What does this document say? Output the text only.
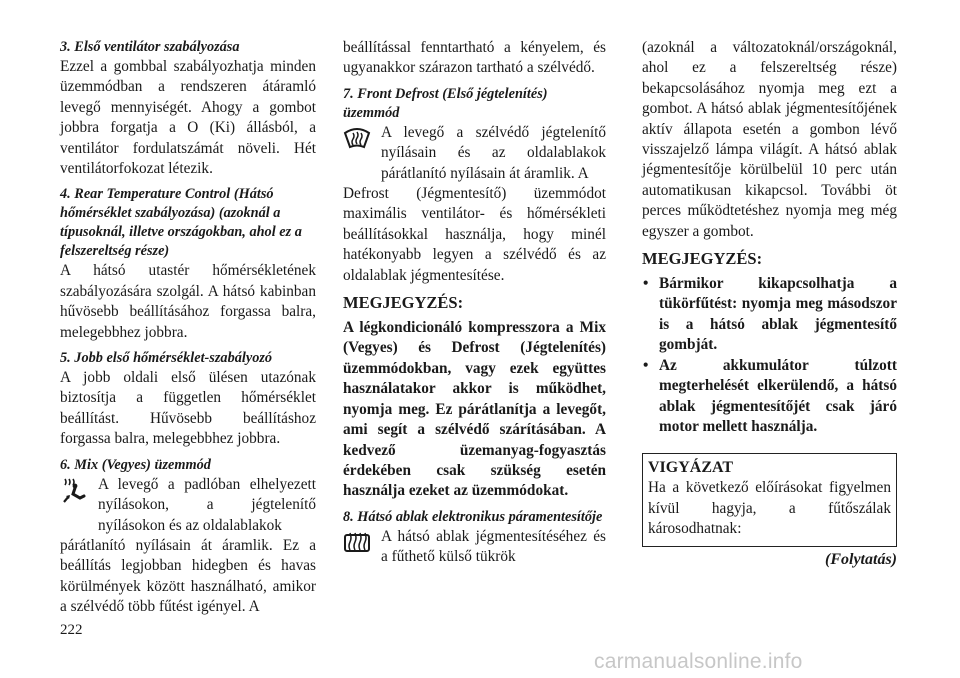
3. Első ventilátor szabályozása

Ezzel a gombbal szabályozhatja minden üzemmódban a rendszeren átáramló levegő mennyiségét. Ahogy a gombot jobbra forgatja a O (Ki) állásból, a ventilátor fordulatszámát növeli. Hét ventilátorfokozat létezik.

4. Rear Temperature Control (Hátsó hőmérséklet szabályozása) (azoknál a típusoknál, illetve országokban, ahol ez a felszereltség része)

A hátsó utastér hőmérsékletének szabályozására szolgál. A hátsó kabinban hűvösebb beállításához forgassa balra, melegebbhez jobbra.

5. Jobb első hőmérséklet-szabályozó

A jobb oldali első ülésen utazónak biztosítja a független hőmérséklet beállítást. Hűvösebb beállításhoz forgassa balra, melegebbhez jobbra.

6. Mix (Vegyes) üzemmód

A levegő a padlóban elhelyezett nyílásokon, a jégtelenítő nyílásokon és az oldalablakok

párátlanító nyílásain át áramlik. Ez a beállítás legjobban hidegben és havas körülmények között használható, amikor a szélvédő több fűtést igényel. A

beállítással fenntartható a kényelem, és ugyanakkor szárazon tartható a szélvédő.

7. Front Defrost (Első jégtelenítés) üzemmód

A levegő a szélvédő jégtelenítő nyílásain és az oldalablakok párátlanító nyílásain át áramlik. A

Defrost (Jégmentesítő) üzemmódot maximális ventilátor- és hőmérsékleti beállításokkal használja, hogy minél hatékonyabb legyen a szélvédő és az oldalablak jégmentesítése.

MEGJEGYZÉS:

A légkondicionáló kompresszora a Mix (Vegyes) és Defrost (Jégtelenítés) üzemmódokban, vagy ezek együttes használatakor akkor is működhet, nyomja meg. Ez párátlanítja a levegőt, ami segít a szélvédő szárításában. A kedvező üzemanyag-fogyasztás érdekében csak szükség esetén használja ezeket az üzemmódokat.

8. Hátsó ablak elektronikus páramentesítője

A hátsó ablak jégmentesítéséhez és a fűthető külső tükrök

(azoknál a változatoknál/országoknál, ahol ez a felszereltség része) bekapcsolásához nyomja meg ezt a gombot. A hátsó ablak jégmentesítőjének aktív állapota esetén a gombon lévő visszajelző lámpa világít. A hátsó ablak jégmentesítője körülbelül 10 perc után automatikusan kikapcsol. További öt perces működtetéshez nyomja meg még egyszer a gombot.

MEGJEGYZÉS:
• Bármikor kikapcsolhatja a tükörfűtést: nyomja meg másodszor is a hátsó ablak jégmentesítő gombját.
• Az akkumulátor túlzott megterhelését elkerülendő, a hátsó ablak jégmentesítőjét csak járó motor mellett használja.
VIGYÁZAT

Ha a következő előírásokat figyelmen kívül hagyja, a fűtőszálak károsodhatnak:

(Folytatás)
222
carmanualsonline.info
